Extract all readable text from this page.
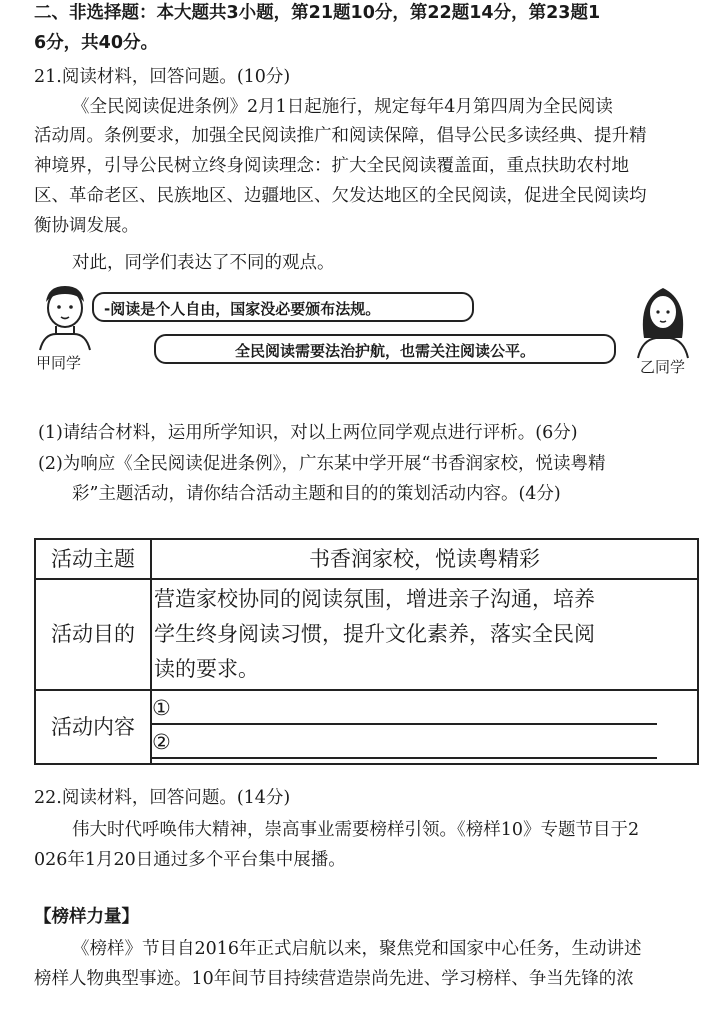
二、非选择题：本大题共3小题，第21题10分，第22题14分，第23题1
6分，共40分。
21.阅读材料，回答问题。(10分)
《全民阅读促进条例》2月1日起施行，规定每年4月第四周为全民阅读
活动周。条例要求，加强全民阅读推广和阅读保障，倡导公民多读经典、提升精
神境界，引导公民树立终身阅读理念：扩大全民阅读覆盖面，重点扶助农村地
区、革命老区、民族地区、边疆地区、欠发达地区的全民阅读，促进全民阅读均
衡协调发展。
对此，同学们表达了不同的观点。
甲同学
-阅读是个人自由，国家没必要颁布法规。
全民阅读需要法治护航，也需关注阅读公平。
乙同学
(1)请结合材料，运用所学知识，对以上两位同学观点进行评析。(6分)
(2)为响应《全民阅读促进条例》，广东某中学开展“书香润家校，悦读粤精
彩”主题活动，请你结合活动主题和目的的策划活动内容。(4分)
活动主题	书香润家校，悦读粤精彩
活动目的	营造家校协同的阅读氛围，增进亲子沟通，培养
学生终身阅读习惯，提升文化素养，落实全民阅
读的要求。

活动内容	①
②
22.阅读材料，回答问题。(14分)
伟大时代呼唤伟大精神，崇高事业需要榜样引领。《榜样10》专题节目于2
026年1月20日通过多个平台集中展播。
【榜样力量】
《榜样》节目自2016年正式启航以来，聚焦党和国家中心任务，生动讲述
榜样人物典型事迹。10年间节目持续营造崇尚先进、学习榜样、争当先锋的浓
